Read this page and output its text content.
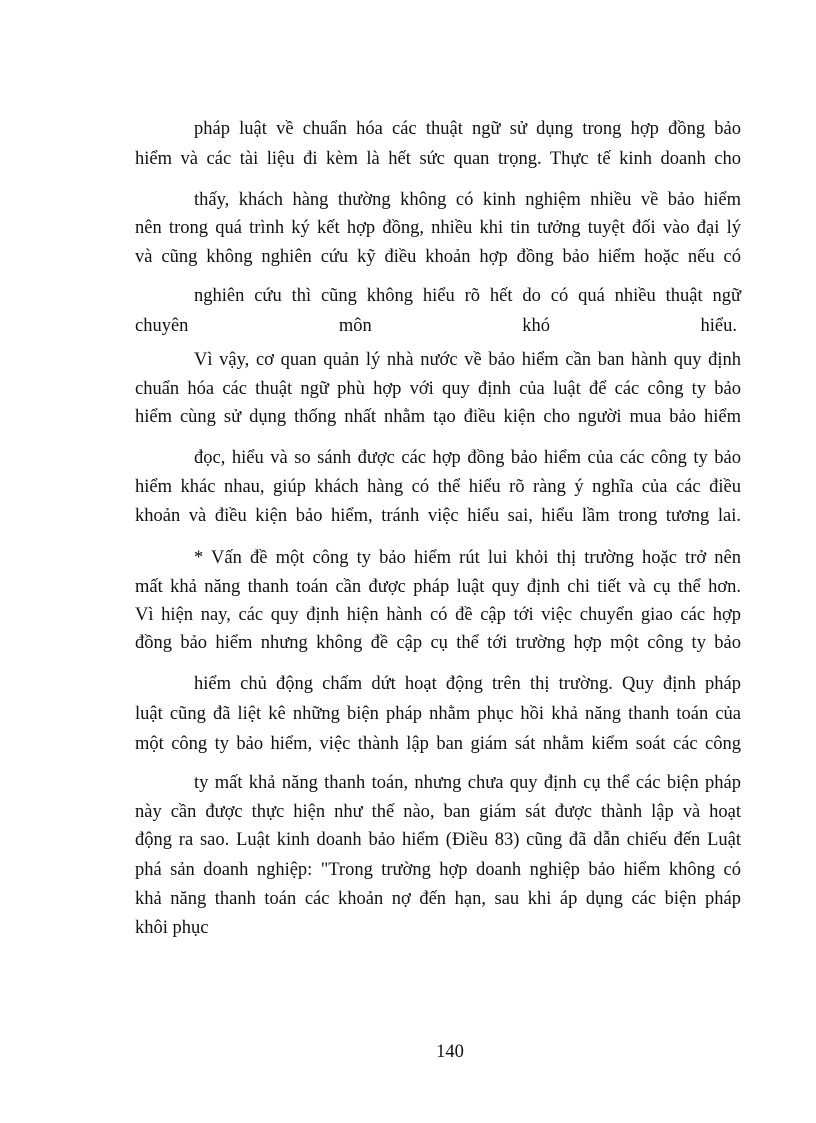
pháp luật về chuẩn hóa các thuật ngữ sử dụng trong hợp đồng bảo
hiểm và các tài liệu đi kèm là hết sức quan trọng. Thực tế kinh doanh cho
thấy, khách hàng thường không có kinh nghiệm nhiều về bảo hiểm
nên trong quá trình ký kết hợp đồng, nhiều khi tin tưởng tuyệt đối vào đại lý
và cũng không nghiên cứu kỹ điều khoản hợp đồng bảo hiểm hoặc nếu có
nghiên cứu thì cũng không hiểu rõ hết do có quá nhiều thuật ngữ
chuyên	môn	khó	hiểu.
Vì vậy, cơ quan quản lý nhà nước về bảo hiểm cần ban hành quy định
chuẩn hóa các thuật ngữ phù hợp với quy định của luật để các công ty bảo
hiểm cùng sử dụng thống nhất nhằm tạo điều kiện cho người mua bảo hiểm
đọc, hiểu và so sánh được các hợp đồng bảo hiểm của các công ty bảo
hiểm khác nhau, giúp khách hàng có thể hiểu rõ ràng ý nghĩa của các điều
khoản và điều kiện bảo hiểm, tránh việc hiểu sai, hiểu lầm trong tương lai.
* Vấn đề một công ty bảo hiểm rút lui khỏi thị trường hoặc trở nên
mất khả năng thanh toán cần được pháp luật quy định chi tiết và cụ thể hơn.
Vì hiện nay, các quy định hiện hành có đề cập tới việc chuyển giao các hợp
đồng bảo hiểm nhưng không đề cập cụ thể tới trường hợp một công ty bảo
hiểm chủ động chấm dứt hoạt động trên thị trường. Quy định pháp
luật cũng đã liệt kê những biện pháp nhằm phục hồi khả năng thanh toán của
một công ty bảo hiểm, việc thành lập ban giám sát nhằm kiểm soát các công
ty mất khả năng thanh toán, nhưng chưa quy định cụ thể các biện pháp
này cần được thực hiện như thế nào, ban giám sát được thành lập và hoạt
động ra sao. Luật kinh doanh bảo hiểm (Điều 83) cũng đã dẫn chiếu đến Luật
phá sản doanh nghiệp: "Trong trường hợp doanh nghiệp bảo hiểm không có
khả năng thanh toán các khoản nợ đến hạn, sau khi áp dụng các biện pháp
khôi phục
140
